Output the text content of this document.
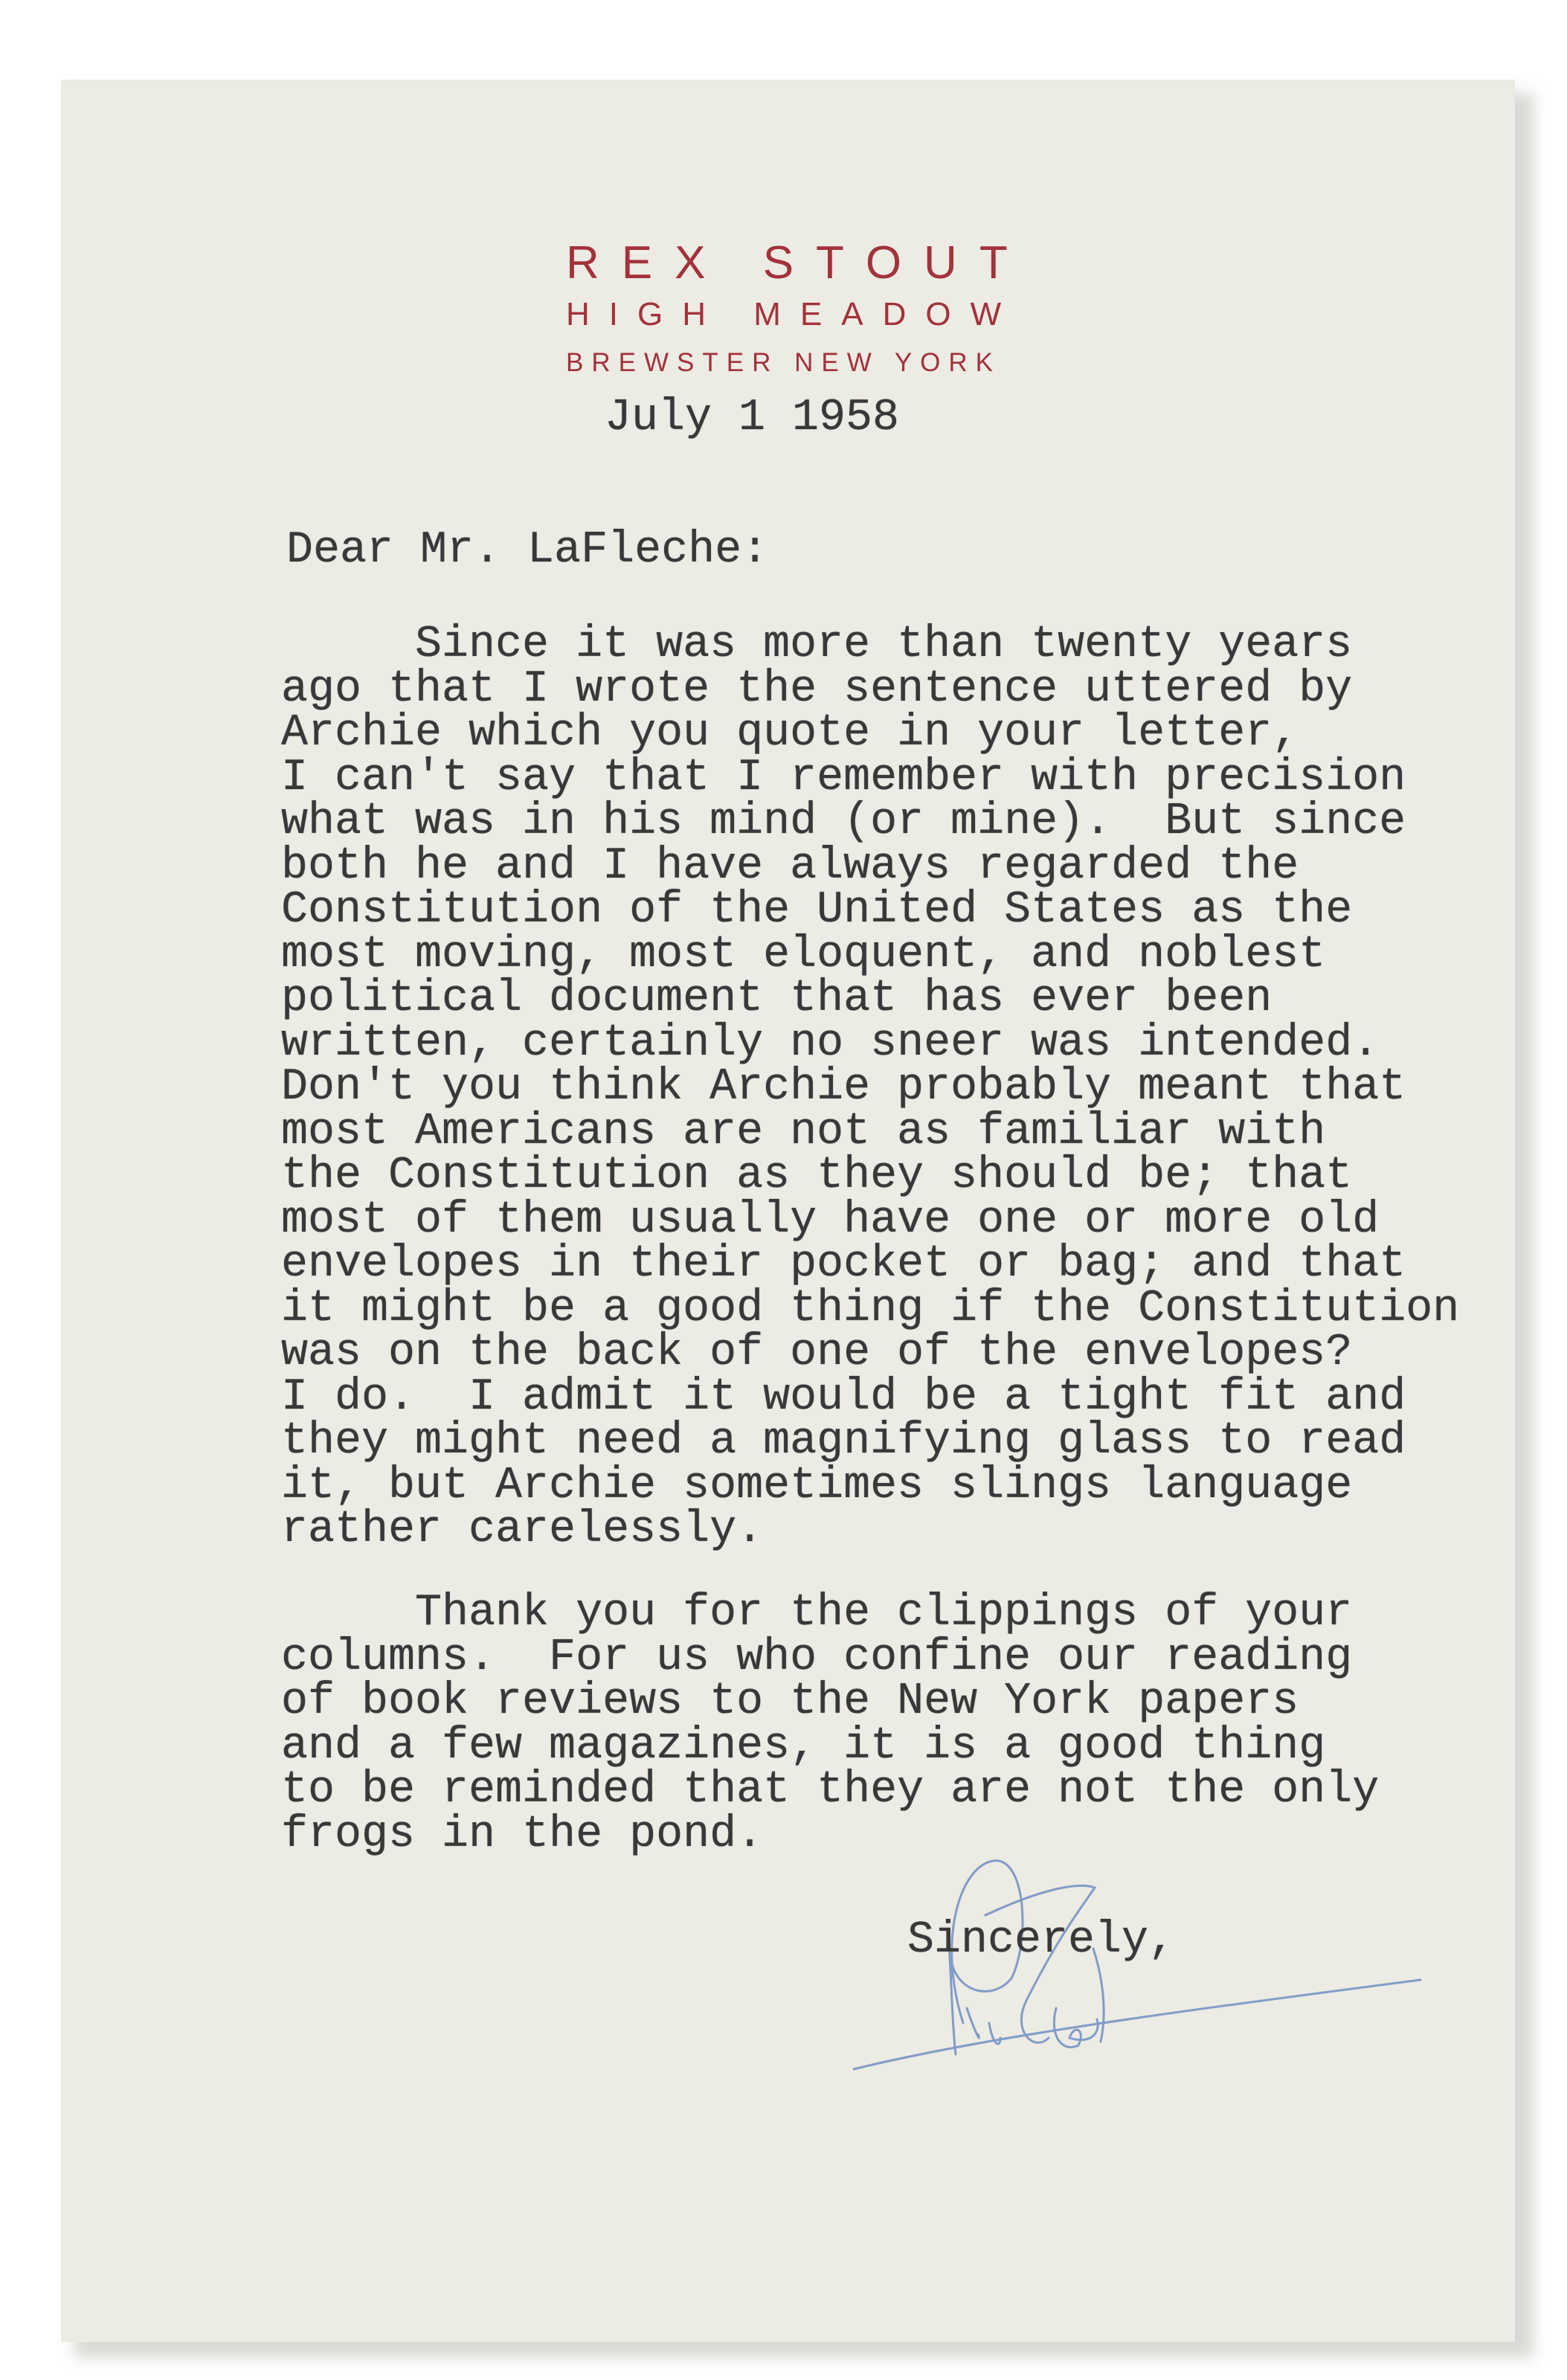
REX STOUT
HIGH MEADOW
BREWSTER NEW YORK
July 1 1958
Dear Mr. LaFleche:
Since it was more than twenty years
ago that I wrote the sentence uttered by
Archie which you quote in your letter,
I can't say that I remember with precision
what was in his mind (or mine).  But since
both he and I have always regarded the
Constitution of the United States as the
most moving, most eloquent, and noblest
political document that has ever been
written, certainly no sneer was intended.
Don't you think Archie probably meant that
most Americans are not as familiar with
the Constitution as they should be; that
most of them usually have one or more old
envelopes in their pocket or bag; and that
it might be a good thing if the Constitution
was on the back of one of the envelopes?
I do.  I admit it would be a tight fit and
they might need a magnifying glass to read
it, but Archie sometimes slings language
rather carelessly.
Thank you for the clippings of your
columns.  For us who confine our reading
of book reviews to the New York papers
and a few magazines, it is a good thing
to be reminded that they are not the only
frogs in the pond.
Sincerely,
